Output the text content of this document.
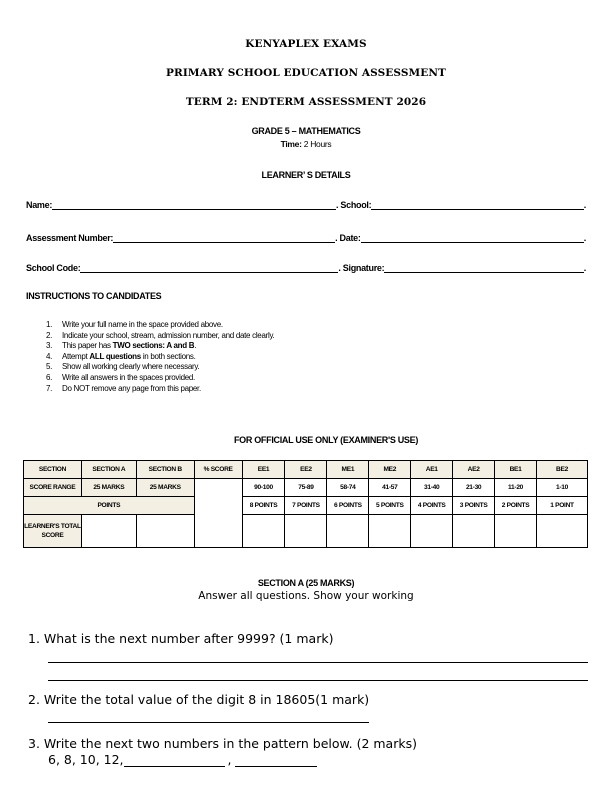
KENYAPLEX EXAMS
PRIMARY SCHOOL EDUCATION ASSESSMENT
TERM 2: ENDTERM ASSESSMENT 2026
GRADE 5 – MATHEMATICS
Time: 2 Hours
LEARNER’ S DETAILS
Name:	. School:	.
Assessment Number:	. Date:	.
School Code:	. Signature:	.
INSTRUCTIONS TO CANDIDATES
1.	Write your full name in the space provided above.
2.	Indicate your school, stream, admission number, and date clearly.
3.	This paper has TWO sections: A and B.
4.	Attempt ALL questions in both sections.
5.	Show all working clearly where necessary.
6.	Write all answers in the spaces provided.
7.	Do NOT remove any page from this paper.
FOR OFFICIAL USE ONLY (EXAMINER'S USE)
SECTION	SECTION A	SECTION B	% SCORE	EE1	EE2	ME1	ME2	AE1	AE2	BE1	BE2
SCORE RANGE	25 MARKS	25 MARKS		90-100	75-89	58-74	41-57	31-40	21-30	11-20	1-10
POINTS				8 POINTS	7 POINTS	6 POINTS	5 POINTS	4 POINTS	3 POINTS	2 POINTS	1 POINT
LEARNER'S TOTAL SCORE											
SECTION A (25 MARKS)
Answer all questions. Show your working
1. What is the next number after 9999? (1 mark)
2. Write the total value of the digit 8 in 18605(1 mark)
3. Write the next two numbers in the pattern below. (2 marks)
6, 8, 10, 12,	,
